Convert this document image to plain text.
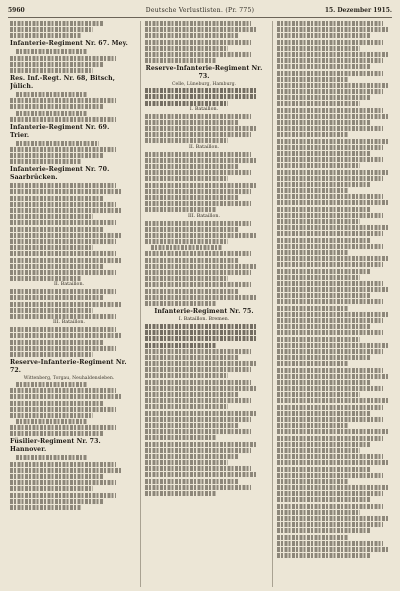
5960	Deutsche Verlustlisten. (Pr. 775)	15. Dezember 1915.
Infanterie-Regiment Nr. 67. Mey.
Res. Inf.-Regt. Nr. 68, Bitsch, Jülich.
Infanterie-Regiment Nr. 69. Trier.
Infanterie-Regiment Nr. 70. Saarbrücken.
II. Bataillon.
III. Bataillon.
Reserve-Infanterie-Regiment Nr. 72.
Wittenberg, Torgau, Neuhaldensleben.
Füsilier-Regiment Nr. 73. Hannover.
Reserve-Infanterie-Regiment Nr. 73.
Celle, Lüneburg, Hamburg.
I. Bataillon.
II. Bataillon.
III. Bataillon.
Infanterie-Regiment Nr. 75.
I. Bataillon. Bremen.
